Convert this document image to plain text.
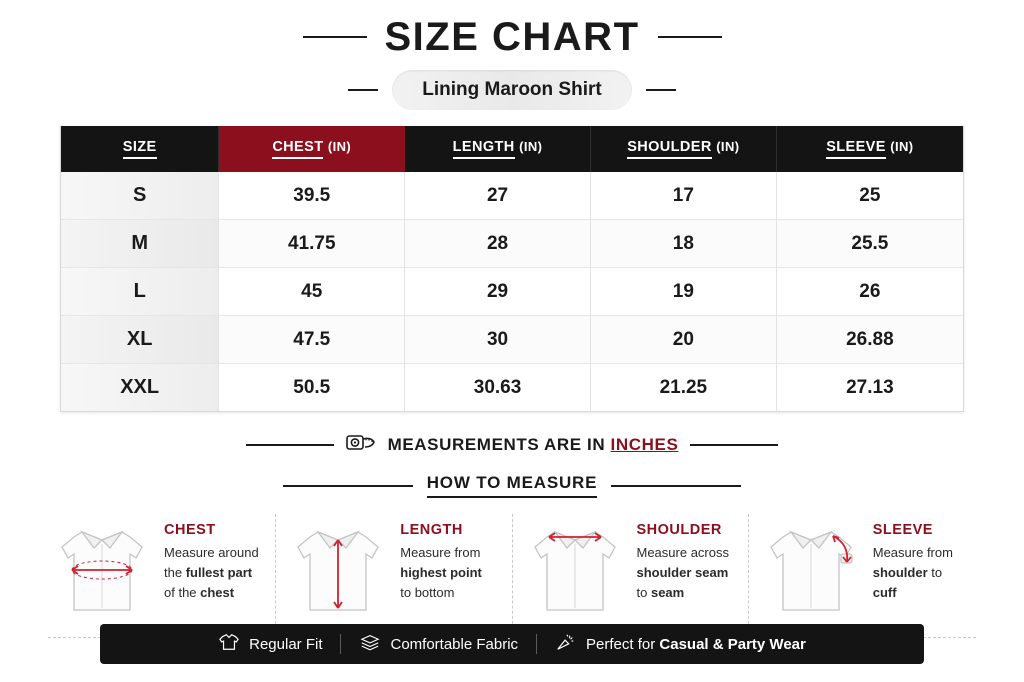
SIZE CHART
Lining Maroon Shirt
SIZE	CHEST (IN)	LENGTH (IN)	SHOULDER (IN)	SLEEVE (IN)
S	39.5	27	17	25
M	41.75	28	18	25.5
L	45	29	19	26
XL	47.5	30	20	26.88
XXL	50.5	30.63	21.25	27.13
MEASUREMENTS ARE IN INCHES
HOW TO MEASURE
CHEST
Measure around
the fullest part
of the chest
LENGTH
Measure from
highest point
to bottom
SHOULDER
Measure across
shoulder seam
to seam
SLEEVE
Measure from
shoulder to
cuff
Regular Fit	Comfortable Fabric	Perfect for Casual & Party Wear
